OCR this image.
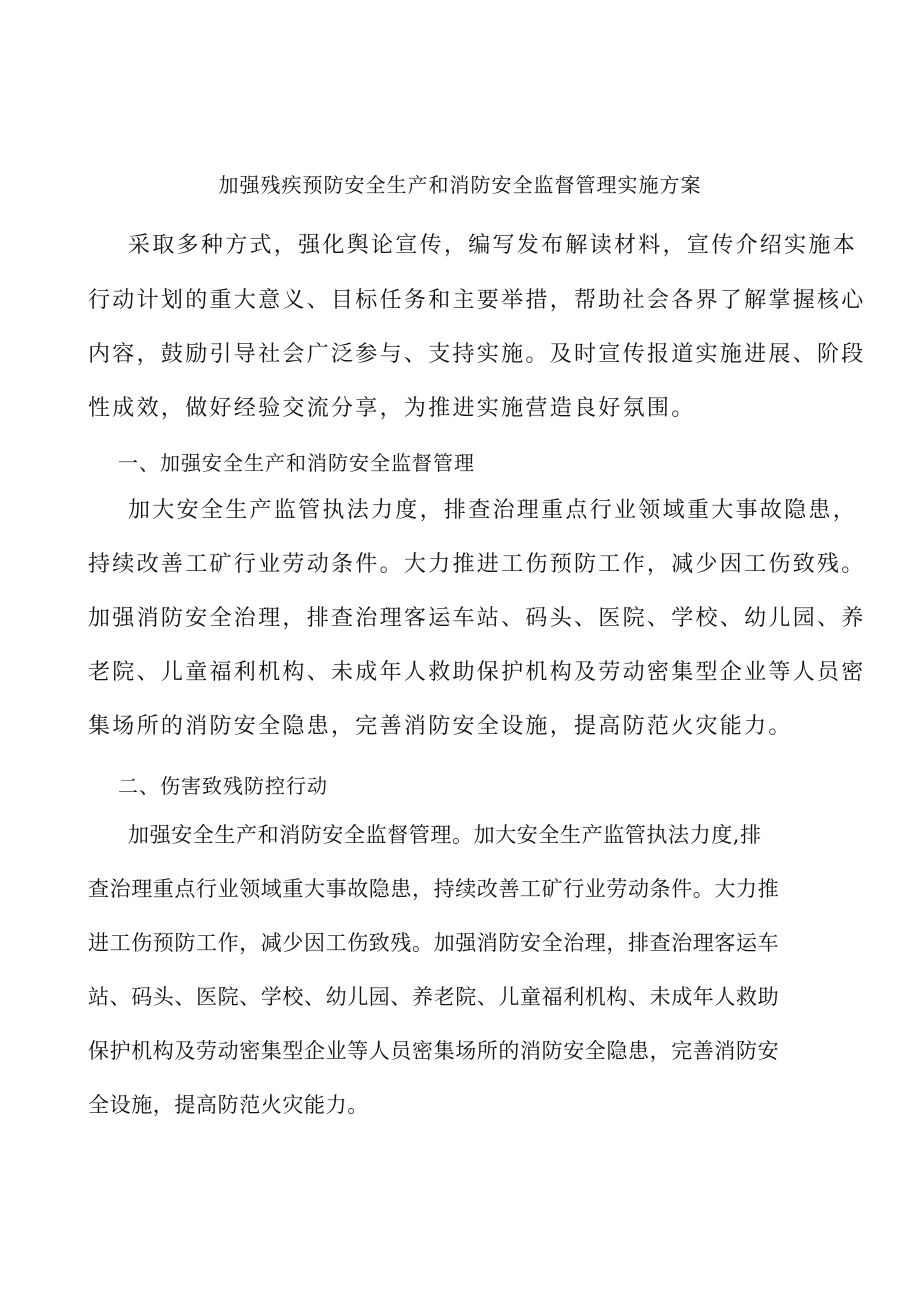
加强残疾预防安全生产和消防安全监督管理实施方案
采取多种方式，强化舆论宣传，编写发布解读材料，宣传介绍实施本
行动计划的重大意义、目标任务和主要举措，帮助社会各界了解掌握核心
内容，鼓励引导社会广泛参与、支持实施。及时宣传报道实施进展、阶段
性成效，做好经验交流分享，为推进实施营造良好氛围。
一、加强安全生产和消防安全监督管理
加大安全生产监管执法力度，排查治理重点行业领域重大事故隐患，
持续改善工矿行业劳动条件。大力推进工伤预防工作，减少因工伤致残。
加强消防安全治理，排查治理客运车站、码头、医院、学校、幼儿园、养
老院、儿童福利机构、未成年人救助保护机构及劳动密集型企业等人员密
集场所的消防安全隐患，完善消防安全设施，提高防范火灾能力。
二、伤害致残防控行动
加强安全生产和消防安全监督管理。加大安全生产监管执法力度,排
查治理重点行业领域重大事故隐患，持续改善工矿行业劳动条件。大力推
进工伤预防工作，减少因工伤致残。加强消防安全治理，排查治理客运车
站、码头、医院、学校、幼儿园、养老院、儿童福利机构、未成年人救助
保护机构及劳动密集型企业等人员密集场所的消防安全隐患，完善消防安
全设施，提高防范火灾能力。
